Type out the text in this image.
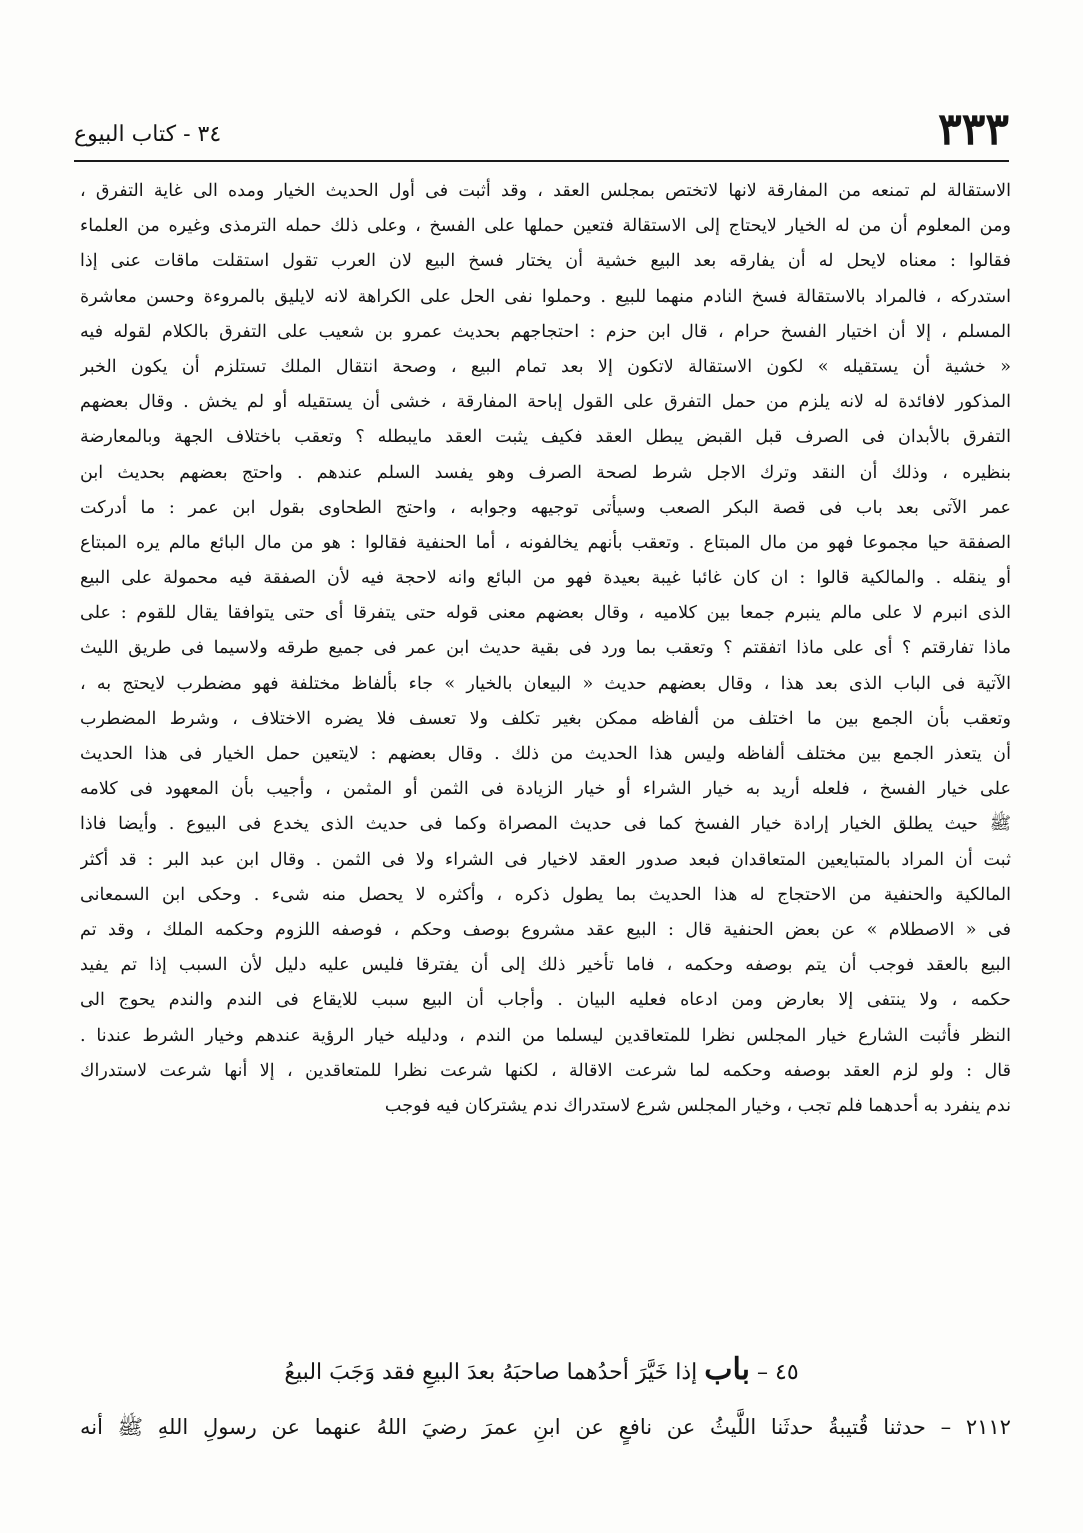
٣٣٣
٣٤ - كتاب البيوع
الاستقالة لم تمنعه من المفارقة لانها لاتختص بمجلس العقد ، وقد أثبت فى أول الحديث الخيار ومده الى غاية التفرق ،
ومن المعلوم أن من له الخيار لايحتاج إلى الاستقالة فتعين حملها على الفسخ ، وعلى ذلك حمله الترمذى وغيره من العلماء
فقالوا : معناه لايحل له أن يفارقه بعد البيع خشية أن يختار فسخ البيع لان العرب تقول استقلت ماقات عنى إذا
استدركه ، فالمراد بالاستقالة فسخ النادم منهما للبيع . وحملوا نفى الحل على الكراهة لانه لايليق بالمروءة وحسن معاشرة
المسلم ، إلا أن اختيار الفسخ حرام ، قال ابن حزم : احتجاجهم بحديث عمرو بن شعيب على التفرق بالكلام لقوله فيه
« خشية أن يستقيله » لكون الاستقالة لاتكون إلا بعد تمام البيع ، وصحة انتقال الملك تستلزم أن يكون الخبر
المذكور لافائدة له لانه يلزم من حمل التفرق على القول إباحة المفارقة ، خشى أن يستقيله أو لم يخش . وقال بعضهم
التفرق بالأبدان فى الصرف قبل القبض يبطل العقد فكيف يثبت العقد مايبطله ؟ وتعقب باختلاف الجهة وبالمعارضة
بنظيره ، وذلك أن النقد وترك الاجل شرط لصحة الصرف وهو يفسد السلم عندهم . واحتج بعضهم بحديث ابن
عمر الآتى بعد باب فى قصة البكر الصعب وسيأتى توجيهه وجوابه ، واحتج الطحاوى بقول ابن عمر : ما أدركت
الصفقة حيا مجموعا فهو من مال المبتاع . وتعقب بأنهم يخالفونه ، أما الحنفية فقالوا : هو من مال البائع مالم يره المبتاع
أو ينقله . والمالكية قالوا : ان كان غائبا غيبة بعيدة فهو من البائع وانه لاحجة فيه لأن الصفقة فيه محمولة على البيع
الذى انبرم لا على مالم ينبرم جمعا بين كلاميه ، وقال بعضهم معنى قوله حتى يتفرقا أى حتى يتوافقا يقال للقوم : على
ماذا تفارقتم ؟ أى على ماذا اتفقتم ؟ وتعقب بما ورد فى بقية حديث ابن عمر فى جميع طرقه ولاسيما فى طريق الليث
الآتية فى الباب الذى بعد هذا ، وقال بعضهم حديث « البيعان بالخيار » جاء بألفاظ مختلفة فهو مضطرب لايحتج به ،
وتعقب بأن الجمع بين ما اختلف من ألفاظه ممكن بغير تكلف ولا تعسف فلا يضره الاختلاف ، وشرط المضطرب
أن يتعذر الجمع بين مختلف ألفاظه وليس هذا الحديث من ذلك . وقال بعضهم : لايتعين حمل الخيار فى هذا الحديث
على خيار الفسخ ، فلعله أريد به خيار الشراء أو خيار الزيادة فى الثمن أو المثمن ، وأجيب بأن المعهود فى كلامه
ﷺ حيث يطلق الخيار إرادة خيار الفسخ كما فى حديث المصراة وكما فى حديث الذى يخدع فى البيوع . وأيضا فاذا
ثبت أن المراد بالمتبايعين المتعاقدان فبعد صدور العقد لاخيار فى الشراء ولا فى الثمن . وقال ابن عبد البر : قد أكثر
المالكية والحنفية من الاحتجاج له هذا الحديث بما يطول ذكره ، وأكثره لا يحصل منه شىء . وحكى ابن السمعانى
فى « الاصطلام » عن بعض الحنفية قال : البيع عقد مشروع بوصف وحكم ، فوصفه اللزوم وحكمه الملك ، وقد تم
البيع بالعقد فوجب أن يتم بوصفه وحكمه ، فاما تأخير ذلك إلى أن يفترقا فليس عليه دليل لأن السبب إذا تم يفيد
حكمه ، ولا ينتفى إلا بعارض ومن ادعاه فعليه البيان . وأجاب أن البيع سبب للايقاع فى الندم والندم يحوج الى
النظر فأثبت الشارع خيار المجلس نظرا للمتعاقدين ليسلما من الندم ، ودليله خيار الرؤية عندهم وخيار الشرط عندنا .
قال : ولو لزم العقد بوصفه وحكمه لما شرعت الاقالة ، لكنها شرعت نظرا للمتعاقدين ، إلا أنها شرعت لاستدراك
ندم ينفرد به أحدهما فلم تجب ، وخيار المجلس شرع لاستدراك ندم يشتركان فيه فوجب
٤٥ – باب إذا خَيَّرَ أحدُهما صاحبَهُ بعدَ البيعِ فقد وَجَبَ البيعُ
٢١١٢ – حدثنا قُتيبةُ حدثَنا اللَّيثُ عن نافعٍ عن ابنِ عمرَ رضيَ اللهُ عنهما عن رسولِ اللهِ ﷺ أنه
